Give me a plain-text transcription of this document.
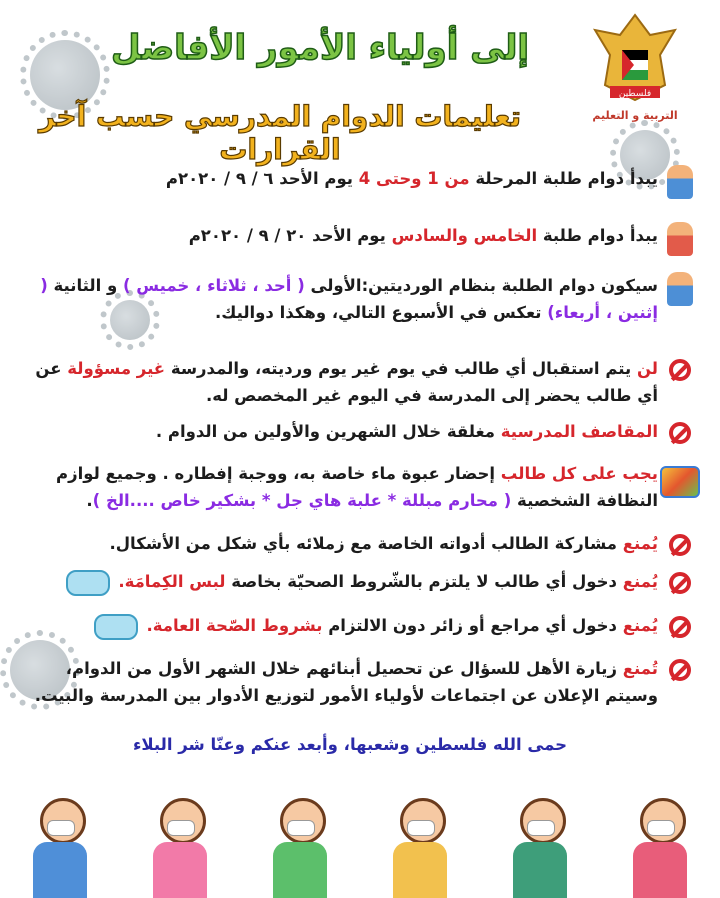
إلى أولياء الأمور الأفاضل
تعليمات الدوام المدرسي حسب آخر القرارات
فلسطين
التربية و التعليم
يبدأ دوام طلبة المرحلة من 1 وحتى 4 يوم الأحد ٦ / ٩ / ٢٠٢٠م
يبدأ دوام طلبة الخامس والسادس يوم الأحد ٢٠ / ٩ / ٢٠٢٠م
سيكون دوام الطلبة بنظام الورديتين:الأولى ( أحد ، ثلاثاء ، خميس ) و الثانية ( إثنين ، أربعاء) تعكس في الأسبوع التالي، وهكذا دواليك.
لن يتم استقبال أي طالب في يوم غير يوم ورديته، والمدرسة غير مسؤولة عن أي طالب يحضر إلى المدرسة في اليوم غير المخصص له.
المقاصف المدرسية مغلقة خلال الشهرين والأولين من الدوام .
يجب على كل طالب إحضار عبوة ماء خاصة به، ووجبة إفطاره . وجميع لوازم النظافة الشخصية ( محارم مبللة * علبة هاي جل * بشكير خاص ....الخ ).
يُمنع مشاركة الطالب أدواته الخاصة مع زملائه بأي شكل من الأشكال.
يُمنع دخول أي طالب لا يلتزم بالشّروط الصحيّة بخاصة لبس الكِمامَة.
يُمنع دخول أي مراجع أو زائر دون الالتزام بشروط الصّحة العامة.
تُمنع زيارة الأهل للسؤال عن تحصيل أبنائهم خلال الشهر الأول من الدوام، وسيتم الإعلان عن اجتماعات لأولياء الأمور لتوزيع الأدوار بين المدرسة والبيت.
حمى الله فلسطين وشعبها، وأبعد عنكم وعنّا شر البلاء
